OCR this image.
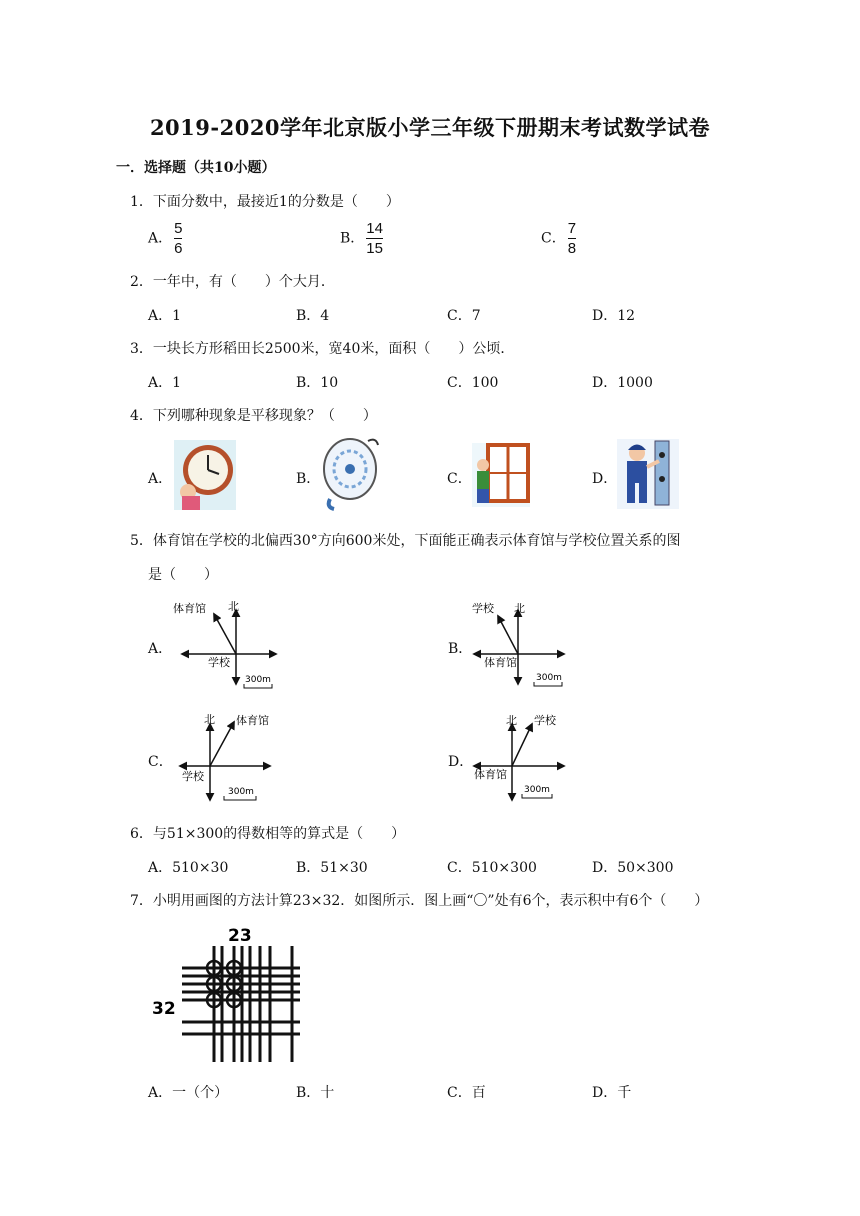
2019-2020学年北京版小学三年级下册期末考试数学试卷
一．选择题（共10小题）
1．下面分数中，最接近1的分数是（　　）
A． $\frac{5}{6}$	B． $\frac{14}{15}$	C． $\frac{7}{8}$
2．一年中，有（　　）个大月．
A．1	B．4	C．7	D．12
3．一块长方形稻田长2500米，宽40米，面积（　　）公顷．
A．1	B．10	C．100	D．1000
4．下列哪种现象是平移现象？（　　）
A．	B．	C．	D．
5．体育馆在学校的北偏西30°方向600米处，下面能正确表示体育馆与学校位置关系的图
是（　　）
A．	B．
C．	D．
体育馆 北
学校
300m
学校 北
体育馆
300m
北 体育馆
学校
300m
北 学校
体育馆
300m
6．与51×300的得数相等的算式是（　　）
A．510×30	B．51×30	C．510×300	D．50×300
7．小明用画图的方法计算23×32．如图所示．图上画“〇”处有6个，表示积中有6个（　　）
23
32
A．一（个）	B．十	C．百	D．千
